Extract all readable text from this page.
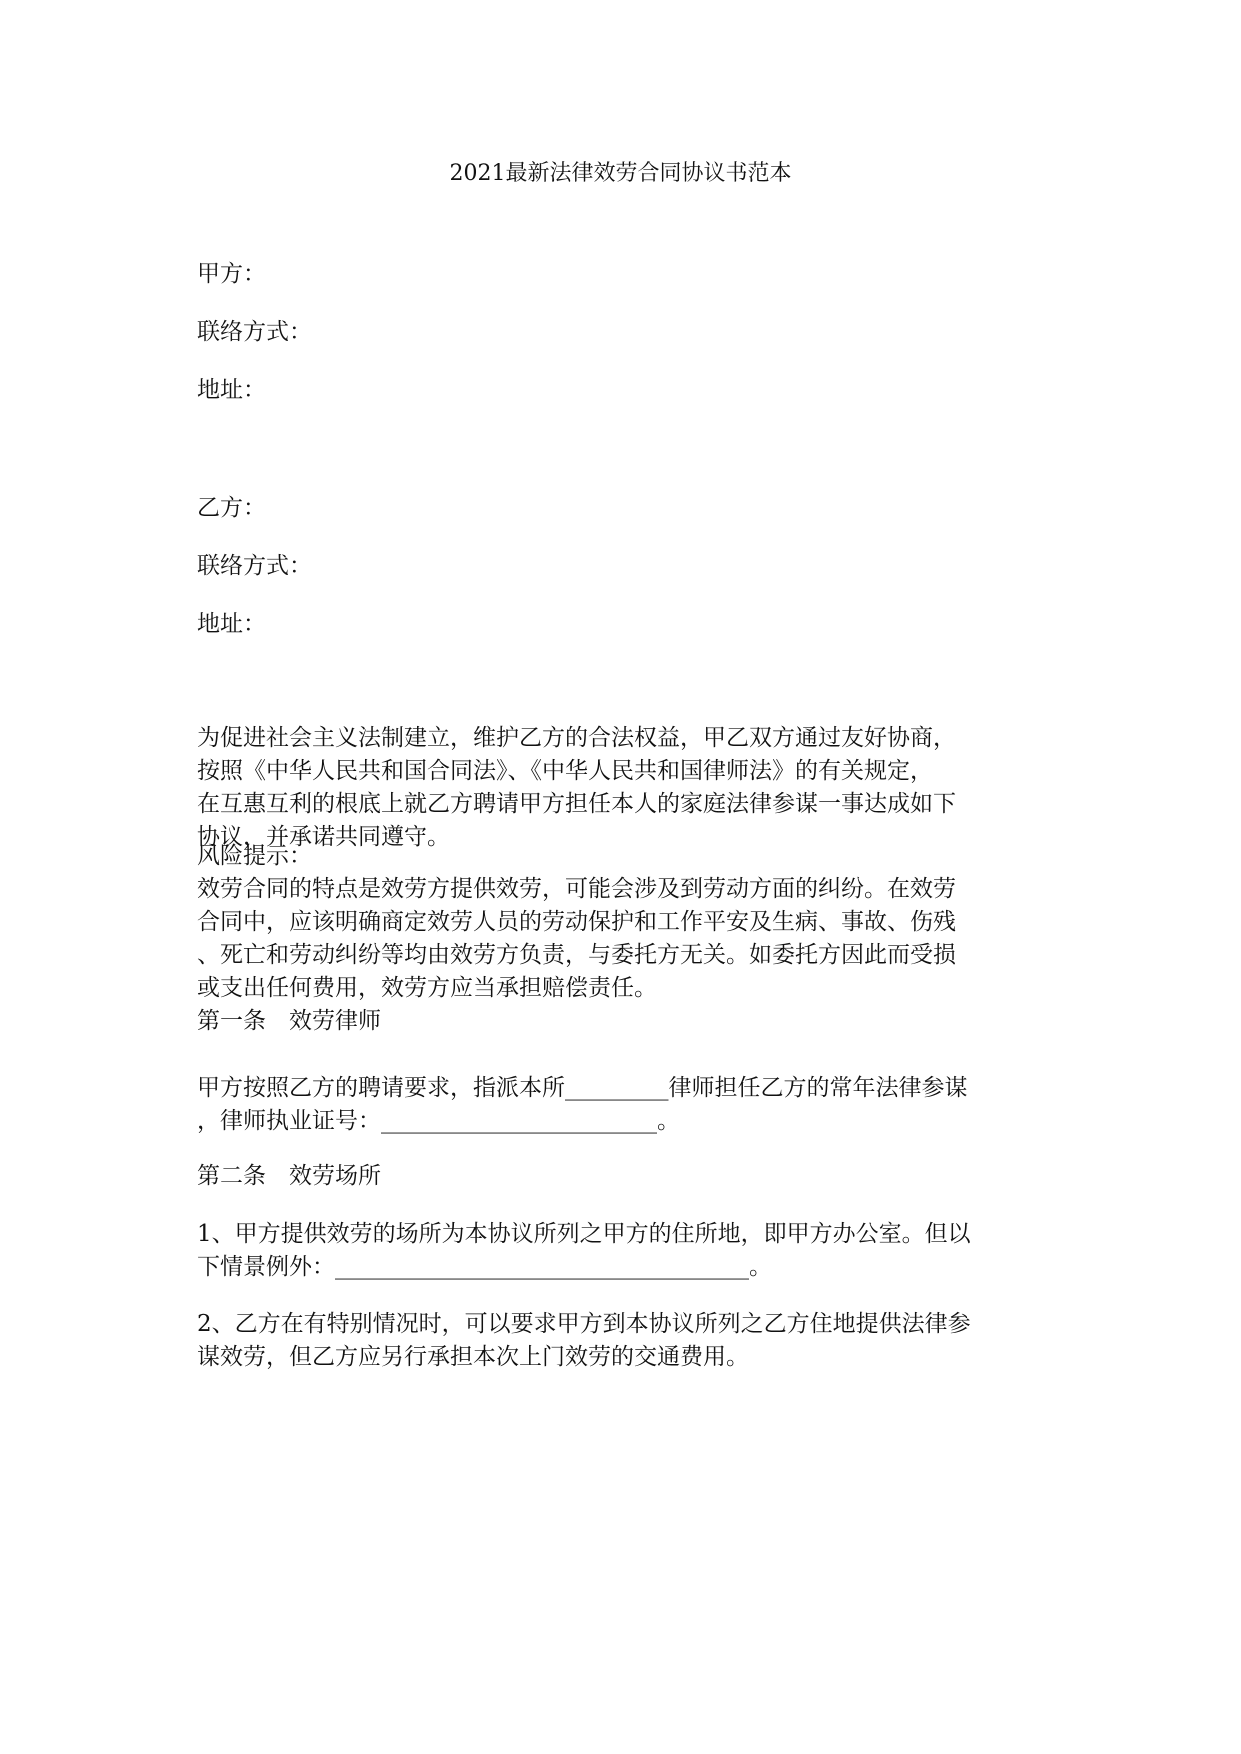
2021最新法律效劳合同协议书范本
甲方：
联络方式：
地址：
乙方：
联络方式：
地址：
为促进社会主义法制建立，维护乙方的合法权益，甲乙双方通过友好协商，
按照《中华人民共和国合同法》、《中华人民共和国律师法》的有关规定，
在互惠互利的根底上就乙方聘请甲方担任本人的家庭法律参谋一事达成如下
协议，并承诺共同遵守。
风险提示：
效劳合同的特点是效劳方提供效劳，可能会涉及到劳动方面的纠纷。在效劳
合同中，应该明确商定效劳人员的劳动保护和工作平安及生病、事故、伤残
、死亡和劳动纠纷等均由效劳方负责，与委托方无关。如委托方因此而受损
或支出任何费用，效劳方应当承担赔偿责任。
第一条　效劳律师
甲方按照乙方的聘请要求，指派本所_________律师担任乙方的常年法律参谋
，律师执业证号：________________________。
第二条　效劳场所
1、甲方提供效劳的场所为本协议所列之甲方的住所地，即甲方办公室。但以
下情景例外：____________________________________。
2、乙方在有特别情况时，可以要求甲方到本协议所列之乙方住地提供法律参
谋效劳，但乙方应另行承担本次上门效劳的交通费用。
